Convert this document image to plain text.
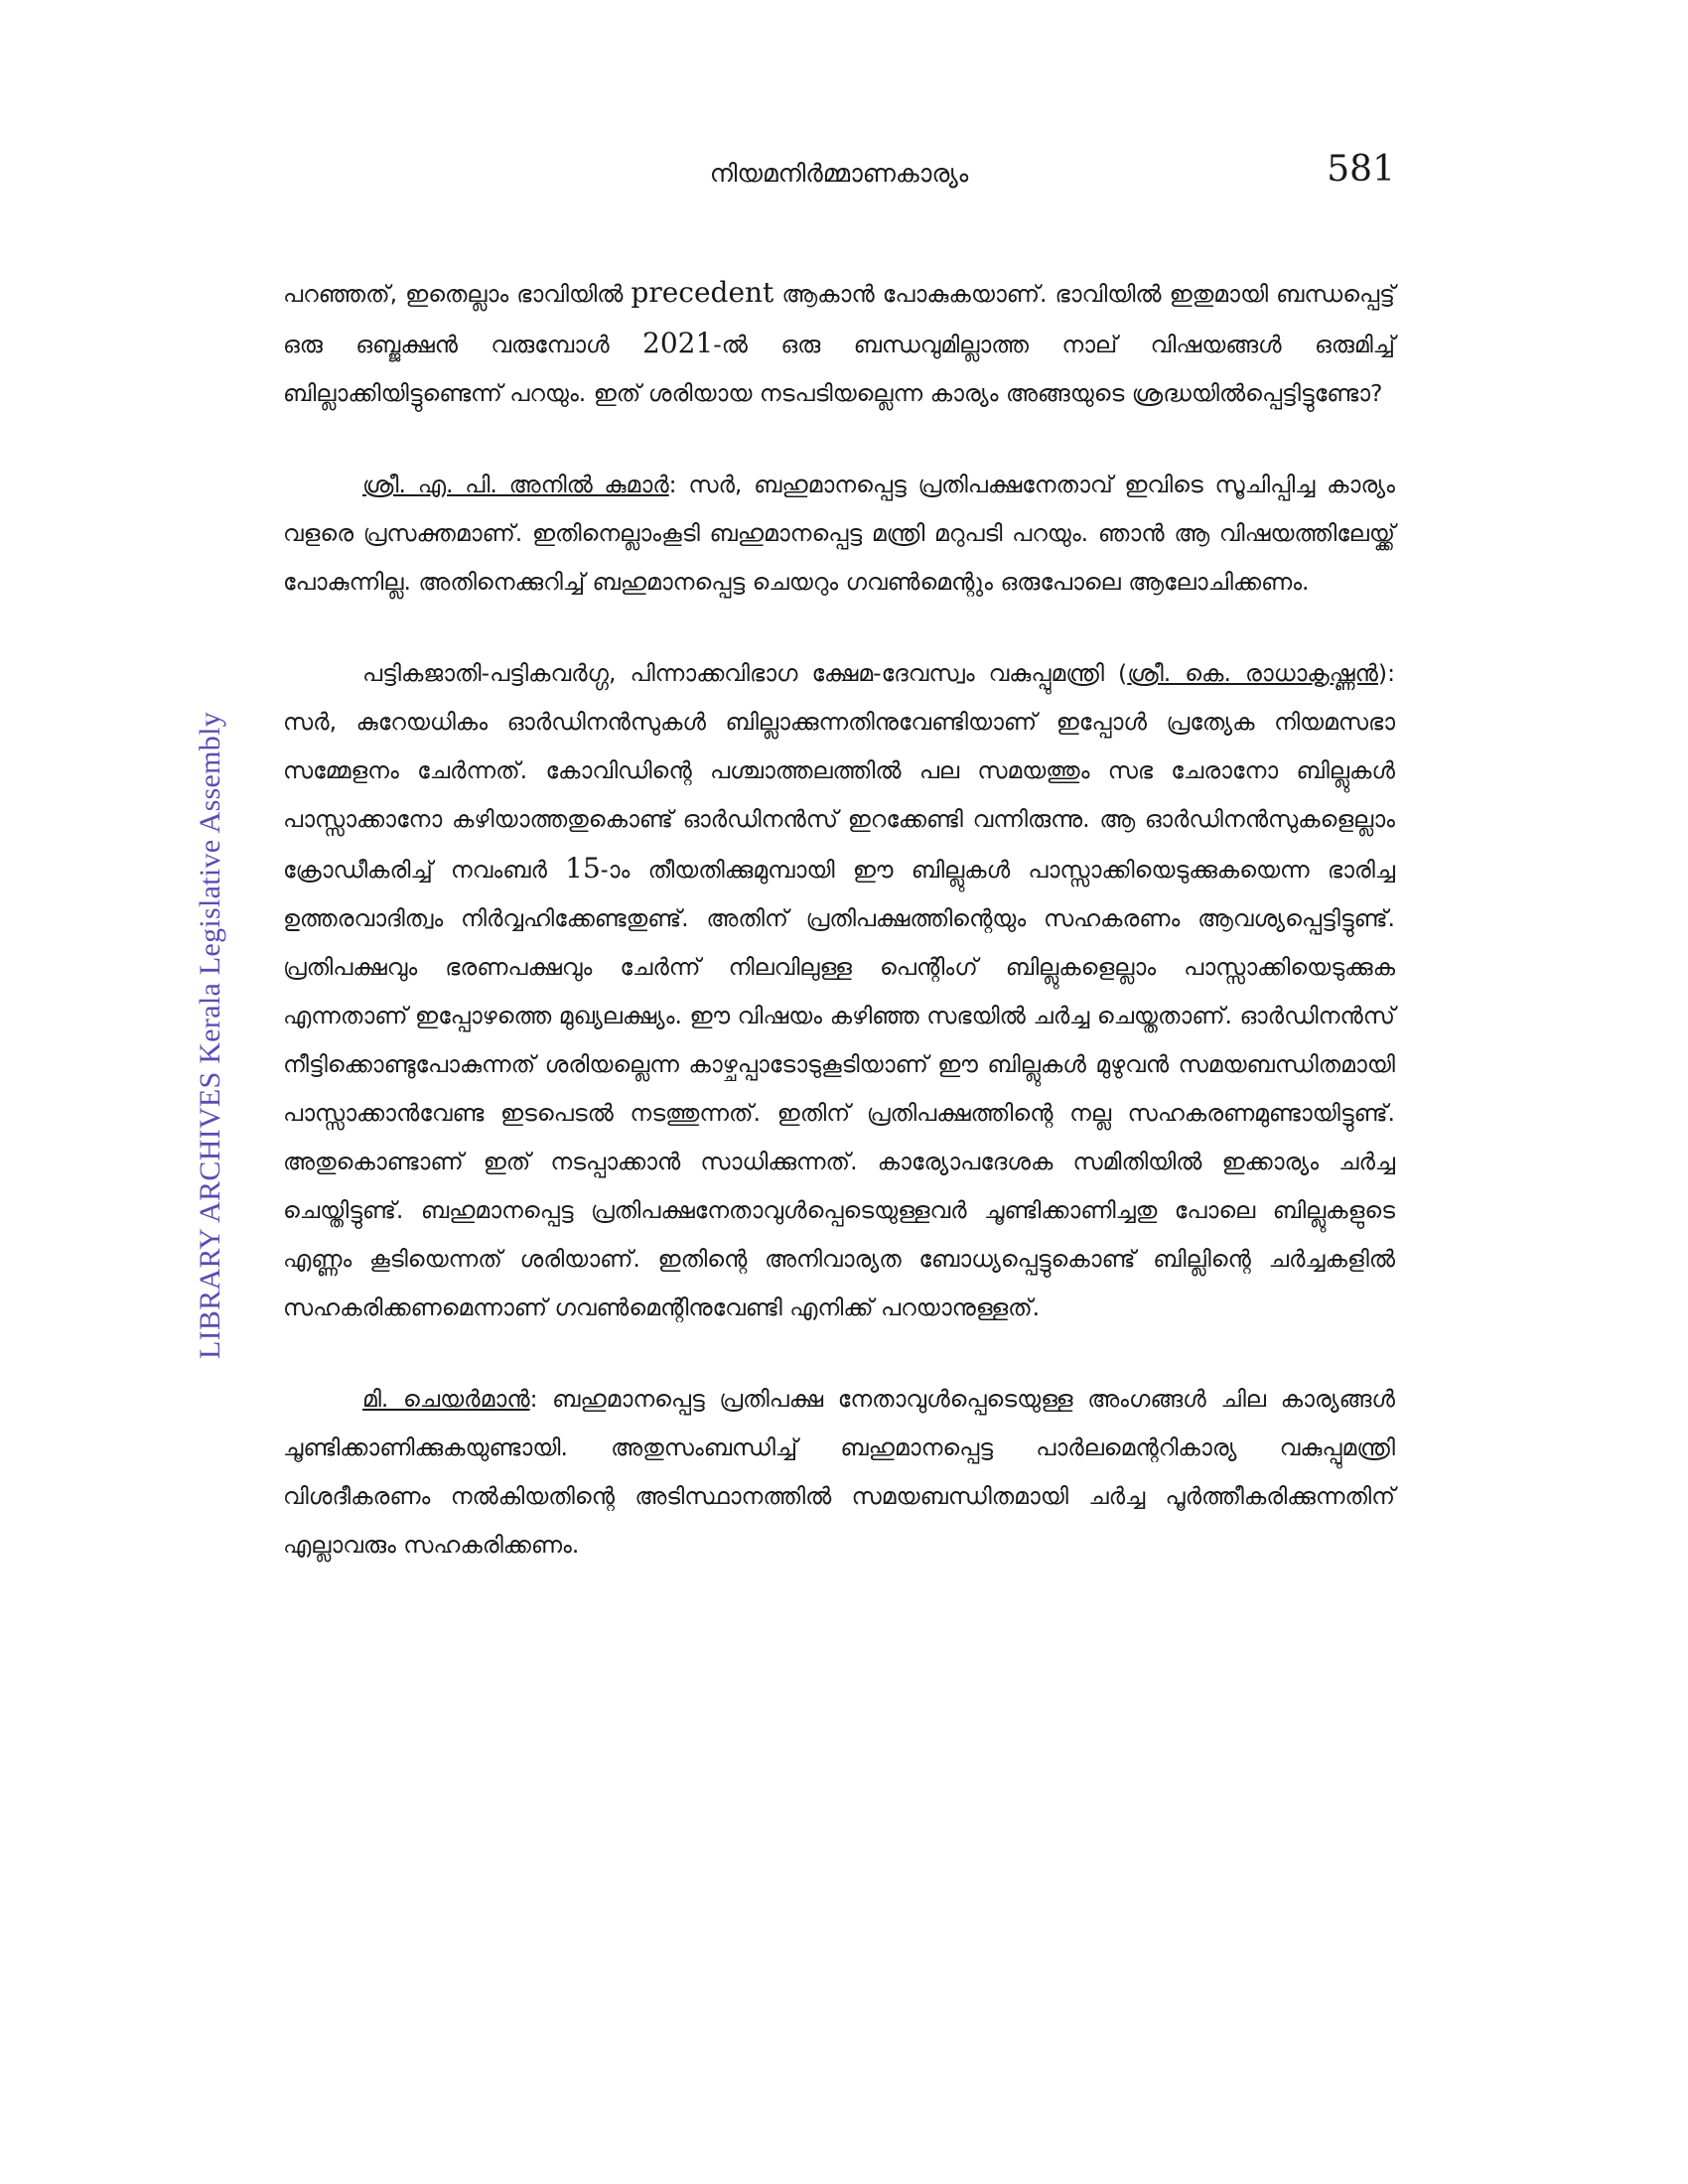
നിയമനിർമ്മാണകാര്യം	581
LIBRARY ARCHIVES Kerala Legislative Assembly

പറഞ്ഞത്, ഇതെല്ലാം ഭാവിയിൽ precedent ആകാൻ പോകുകയാണ്. ഭാവിയിൽ ഇതുമായി ബന്ധപ്പെട്ട് ഒരു ഒബ്ജക്ഷൻ വരുമ്പോൾ 2021-ൽ ഒരു ബന്ധവുമില്ലാത്ത നാല് വിഷയങ്ങൾ ഒരുമിച്ച് ബില്ലാക്കിയിട്ടുണ്ടെന്ന് പറയും. ഇത് ശരിയായ നടപടിയല്ലെന്ന കാര്യം അങ്ങയുടെ ശ്രദ്ധയിൽപ്പെട്ടിട്ടുണ്ടോ?

ശ്രീ. എ. പി. അനിൽ കുമാർ: സർ, ബഹുമാനപ്പെട്ട പ്രതിപക്ഷനേതാവ് ഇവിടെ സൂചിപ്പിച്ച കാര്യം വളരെ പ്രസക്തമാണ്. ഇതിനെല്ലാംകൂടി ബഹുമാനപ്പെട്ട മന്ത്രി മറുപടി പറയും. ഞാൻ ആ വിഷയത്തിലേയ്ക്ക് പോകുന്നില്ല. അതിനെക്കുറിച്ച് ബഹുമാനപ്പെട്ട ചെയറും ഗവൺമെന്റും ഒരുപോലെ ആലോചിക്കണം.

പട്ടികജാതി-പട്ടികവർഗ്ഗ, പിന്നാക്കവിഭാഗ ക്ഷേമ-ദേവസ്വം വകുപ്പുമന്ത്രി (ശ്രീ. കെ. രാധാകൃഷ്ണൻ): സർ, കുറേയധികം ഓർഡിനൻസുകൾ ബില്ലാക്കുന്നതിനുവേണ്ടിയാണ് ഇപ്പോൾ പ്രത്യേക നിയമസഭാ സമ്മേളനം ചേർന്നത്. കോവിഡിന്റെ പശ്ചാത്തലത്തിൽ പല സമയത്തും സഭ ചേരാനോ ബില്ലുകൾ പാസ്സാക്കാനോ കഴിയാത്തതുകൊണ്ട് ഓർഡിനൻസ് ഇറക്കേണ്ടി വന്നിരുന്നു. ആ ഓർഡിനൻസുകളെല്ലാം ക്രോഡീകരിച്ച് നവംബർ 15-ാം തീയതിക്കുമുമ്പായി ഈ ബില്ലുകൾ പാസ്സാക്കിയെടുക്കുകയെന്ന ഭാരിച്ച ഉത്തരവാദിത്വം നിർവ്വഹിക്കേണ്ടതുണ്ട്. അതിന് പ്രതിപക്ഷത്തിന്റെയും സഹകരണം ആവശ്യപ്പെട്ടിട്ടുണ്ട്. പ്രതിപക്ഷവും ഭരണപക്ഷവും ചേർന്ന് നിലവിലുള്ള പെന്റിംഗ് ബില്ലുകളെല്ലാം പാസ്സാക്കിയെടുക്കുക എന്നതാണ് ഇപ്പോഴത്തെ മുഖ്യലക്ഷ്യം. ഈ വിഷയം കഴിഞ്ഞ സഭയിൽ ചർച്ച ചെയ്തതാണ്. ഓർഡിനൻസ് നീട്ടിക്കൊണ്ടുപോകുന്നത് ശരിയല്ലെന്ന കാഴ്ചപ്പാടോടുകൂടിയാണ് ഈ ബില്ലുകൾ മുഴുവൻ സമയബന്ധിതമായി പാസ്സാക്കാൻവേണ്ട ഇടപെടൽ നടത്തുന്നത്. ഇതിന് പ്രതിപക്ഷത്തിന്റെ നല്ല സഹകരണമുണ്ടായിട്ടുണ്ട്. അതുകൊണ്ടാണ് ഇത് നടപ്പാക്കാൻ സാധിക്കുന്നത്. കാര്യോപദേശക സമിതിയിൽ ഇക്കാര്യം ചർച്ച ചെയ്തിട്ടുണ്ട്. ബഹുമാനപ്പെട്ട പ്രതിപക്ഷനേതാവുൾപ്പെടെയുള്ളവർ ചൂണ്ടിക്കാണിച്ചതു പോലെ ബില്ലുകളുടെ എണ്ണം കൂടിയെന്നത് ശരിയാണ്. ഇതിന്റെ അനിവാര്യത ബോധ്യപ്പെട്ടുകൊണ്ട് ബില്ലിന്റെ ചർച്ചകളിൽ സഹകരിക്കണമെന്നാണ് ഗവൺമെന്റിനുവേണ്ടി എനിക്ക് പറയാനുള്ളത്.

മി. ചെയർമാൻ: ബഹുമാനപ്പെട്ട പ്രതിപക്ഷ നേതാവുൾപ്പെടെയുള്ള അംഗങ്ങൾ ചില കാര്യങ്ങൾ ചൂണ്ടിക്കാണിക്കുകയുണ്ടായി. അതുസംബന്ധിച്ച് ബഹുമാനപ്പെട്ട പാർലമെന്ററികാര്യ വകുപ്പുമന്ത്രി വിശദീകരണം നൽകിയതിന്റെ അടിസ്ഥാനത്തിൽ സമയബന്ധിതമായി ചർച്ച പൂർത്തീകരിക്കുന്നതിന് എല്ലാവരും സഹകരിക്കണം.
